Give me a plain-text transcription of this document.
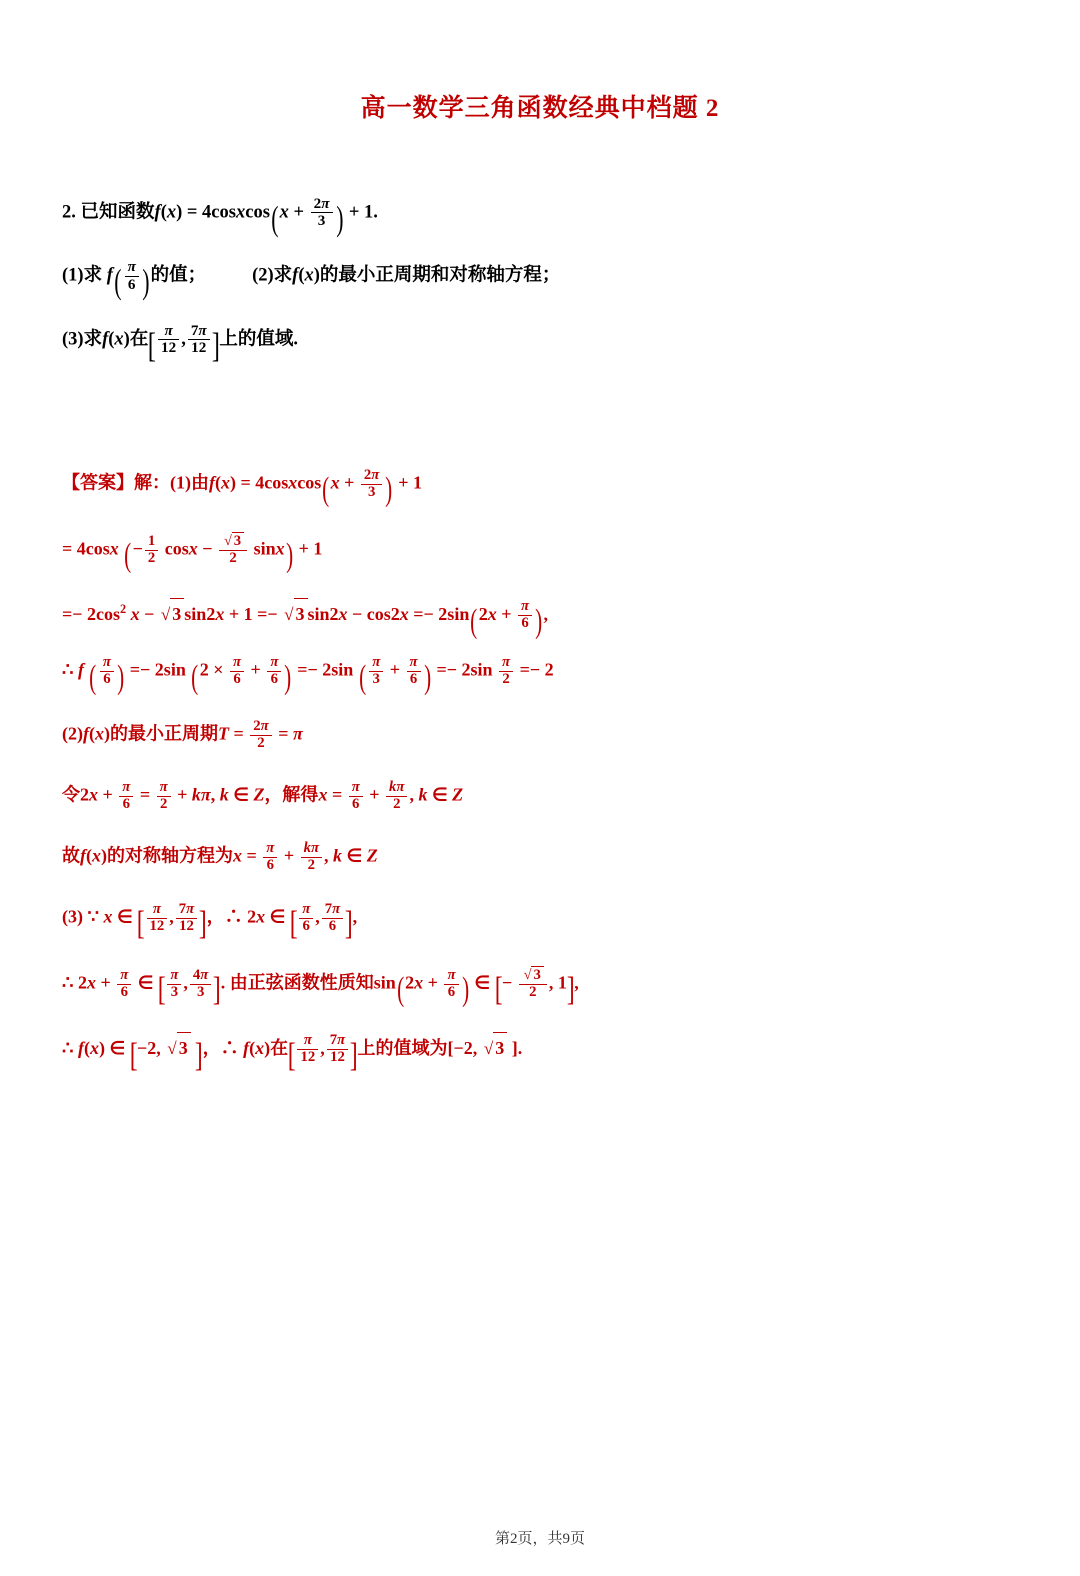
高一数学三角函数经典中档题 2
2. 已知函数f(x) = 4cosxcos(x + $\frac{2\pi}{3}$ ) + 1.
(1)求 $f( \frac{\pi}{6}$ )的值； (2)求f(x)的最小正周期和对称轴方程；
(3)求f(x)在[ $\frac{\pi}{12}$ , $\frac{7\pi}{12}$ ]上的值域.
【答案】解：(1)由f(x) = 4cosxcos(x + $\frac{2\pi}{3}$ ) + 1
= 4cosx (− $\frac{1}{2}$ $\cos x - \frac{√ 3}{2} \sin x) + 1$
=− $2\cos^2$ x − √ 3 sin2x + 1 =− √ 3 $\sin 2x - \cos 2x =- 2\sin(2x + \frac{\pi}{6}$ ),
∴ f ( $\frac{\pi}{6}$ ) =− 2sin ($2 \times \frac{\pi}{6} + \frac{\pi}{6}$ ) =− 2sin ( $\frac{\pi}{3} + \frac{\pi}{6}$ ) =− $2\sin \frac{\pi}{2} =- 2$
(2)f(x)的最小正周期$T = \frac{2\pi}{2} = \pi$
令$2x + \frac{\pi}{6} = \frac{\pi}{2} + k\pi$, k ∈ Z，解得$x = \frac{\pi}{6} + \frac{k\pi}{2}$ , k ∈ Z
故f(x)的对称轴方程为$x = \frac{\pi}{6} + \frac{k\pi}{2}$ , k ∈ Z
(3) ∵ x ∈ [ $\frac{\pi}{12}$ , $\frac{7\pi}{12}$ ]，∴ 2x ∈ [ $\frac{\pi}{6}$ , $\frac{7\pi}{6}$ ],
∴ $2x + \frac{\pi}{6}$ ∈ [ $\frac{\pi}{3}$ , $\frac{4\pi}{3}$ ]. 由正弦函数性质知$\sin(2x + \frac{\pi}{6}$ ) ∈ [− $\frac{√ 3}{2}$ , 1],
∴ f(x) ∈ [−2, √ 3 ]，∴ f(x)在[ $\frac{\pi}{12}$ , $\frac{7\pi}{12}$ ]上的值域为[−2, √ 3 ].
第2页，共9页
